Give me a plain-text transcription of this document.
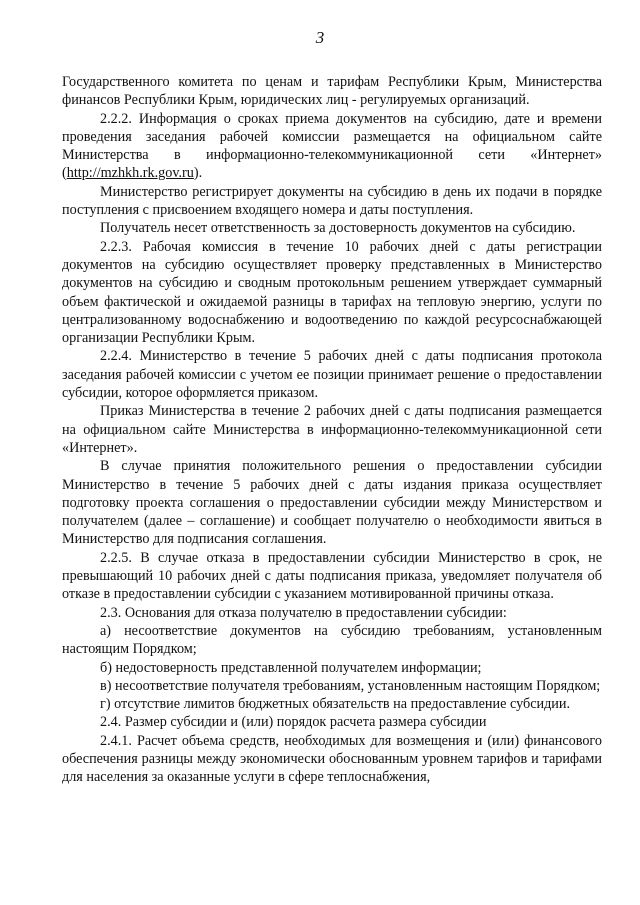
3

Государственного комитета по ценам и тарифам Республики Крым, Министерства финансов Республики Крым, юридических лиц - регулируемых организаций.

2.2.2. Информация о сроках приема документов на субсидию, дате и времени проведения заседания рабочей комиссии размещается на официальном сайте Министерства в информационно-телекоммуникационной сети «Интернет» (http://mzhkh.rk.gov.ru).

Министерство регистрирует документы на субсидию в день их подачи в порядке поступления с присвоением входящего номера и даты поступления.

Получатель несет ответственность за достоверность документов на субсидию.

2.2.3. Рабочая комиссия в течение 10 рабочих дней с даты регистрации документов на субсидию осуществляет проверку представленных в Министерство документов на субсидию и сводным протокольным решением утверждает суммарный объем фактической и ожидаемой разницы в тарифах на тепловую энергию, услуги по централизованному водоснабжению и водоотведению по каждой ресурсоснабжающей организации Республики Крым.

2.2.4. Министерство в течение 5 рабочих дней с даты подписания протокола заседания рабочей комиссии с учетом ее позиции принимает решение о предоставлении субсидии, которое оформляется приказом.

Приказ Министерства в течение 2 рабочих дней с даты подписания размещается на официальном сайте Министерства в информационно-телекоммуникационной сети «Интернет».

В случае принятия положительного решения о предоставлении субсидии Министерство в течение 5 рабочих дней с даты издания приказа осуществляет подготовку проекта соглашения о предоставлении субсидии между Министерством и получателем (далее – соглашение) и сообщает получателю о необходимости явиться в Министерство для подписания соглашения.

2.2.5. В случае отказа в предоставлении субсидии Министерство в срок, не превышающий 10 рабочих дней с даты подписания приказа, уведомляет получателя об отказе в предоставлении субсидии с указанием мотивированной причины отказа.

2.3. Основания для отказа получателю в предоставлении субсидии:

а) несоответствие документов на субсидию требованиям, установленным настоящим Порядком;

б) недостоверность представленной получателем информации;

в) несоответствие получателя требованиям, установленным настоящим Порядком;

г) отсутствие лимитов бюджетных обязательств на предоставление субсидии.

2.4. Размер субсидии и (или) порядок расчета размера субсидии

2.4.1. Расчет объема средств, необходимых для возмещения и (или) финансового обеспечения разницы между экономически обоснованным уровнем тарифов и тарифами для населения за оказанные услуги в сфере теплоснабжения,
